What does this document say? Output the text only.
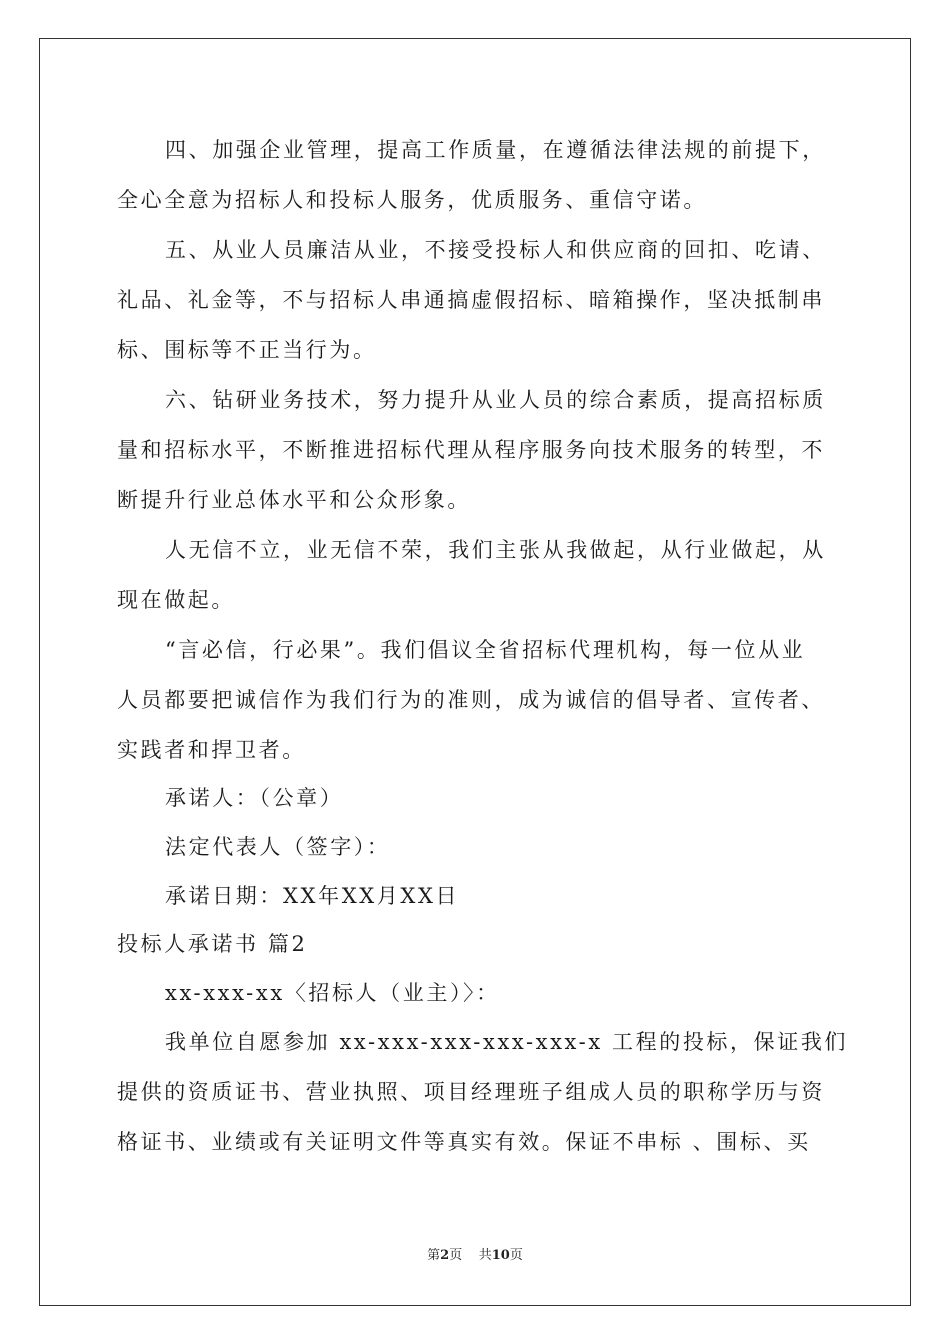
四、加强企业管理，提高工作质量，在遵循法律法规的前提下，
全心全意为招标人和投标人服务，优质服务、重信守诺。
五、从业人员廉洁从业，不接受投标人和供应商的回扣、吃请、
礼品、礼金等，不与招标人串通搞虚假招标、暗箱操作，坚决抵制串
标、围标等不正当行为。
六、钻研业务技术，努力提升从业人员的综合素质，提高招标质
量和招标水平，不断推进招标代理从程序服务向技术服务的转型，不
断提升行业总体水平和公众形象。
人无信不立，业无信不荣，我们主张从我做起，从行业做起，从
现在做起。
“言必信，行必果”。我们倡议全省招标代理机构，每一位从业
人员都要把诚信作为我们行为的准则，成为诚信的倡导者、宣传者、
实践者和捍卫者。
承诺人：（公章）
法定代表人（签字）：
承诺日期：XX年XX月XX日
投标人承诺书 篇2
xx-xxx-xx〈招标人（业主）〉：
我单位自愿参加 xx-xxx-xxx-xxx-xxx-x 工程的投标，保证我们
提供的资质证书、营业执照、项目经理班子组成人员的职称学历与资
格证书、业绩或有关证明文件等真实有效。保证不串标 、围标、买
第2页 共10页
